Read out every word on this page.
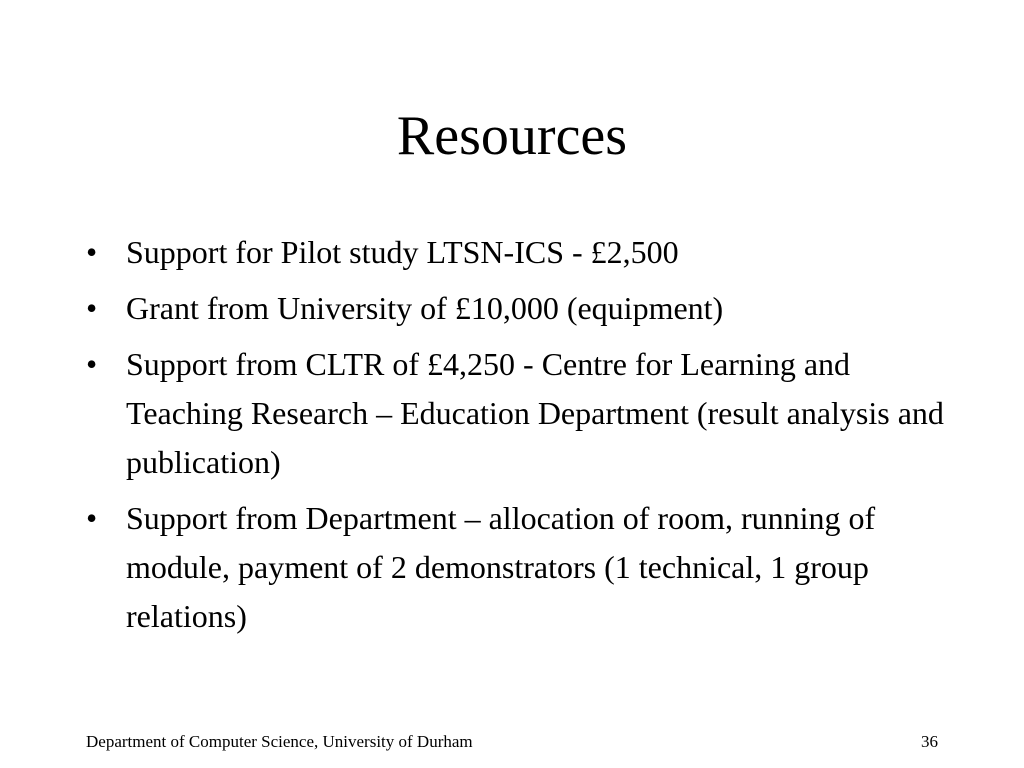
Resources
• Support for Pilot study LTSN-ICS - £2,500
• Grant from University of £10,000 (equipment)
• Support from CLTR of £4,250 - Centre for Learning and Teaching Research – Education Department (result analysis and publication)
• Support from Department – allocation of room, running of module, payment of 2 demonstrators (1 technical, 1 group relations)
Department of Computer Science, University of Durham	36
